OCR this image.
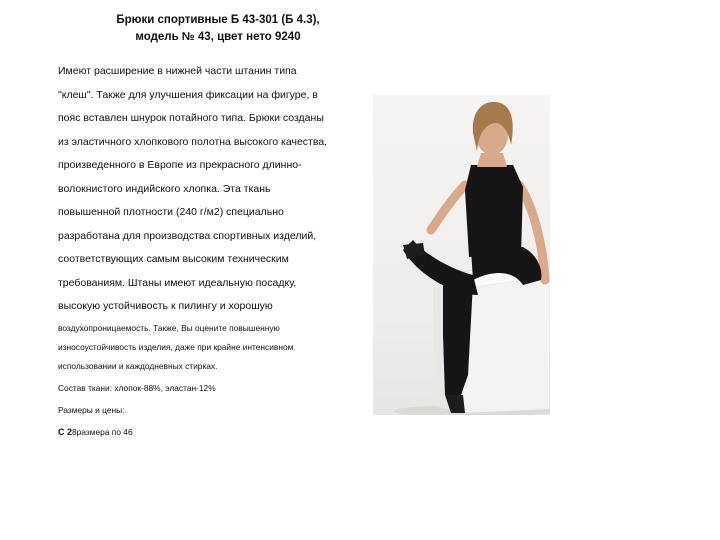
Брюки спортивные Б 43-301 (Б 4.3),
модель № 43, цвет нето 9240
Имеют расширение в нижней части штанин типа
"клеш". Также для улучшения фиксации на фигуре, в
пояс вставлен шнурок потайного типа. Брюки созданы
из эластичного хлопкового полотна высокого качества,
произведенного в Европе из прекрасного длинно-
волокнистого индийского хлопка. Эта ткань
повышенной плотности (240 г/м2) специально
разработана для производства спортивных изделий,
соответствующих самым высоким техническим
требованиям. Штаны имеют идеальную посадку,
высокую устойчивость к пилингу и хорошую
воздухопроницаемость. Также, Вы оцените повышенную
износоустойчивость изделия, даже при крайне интенсивном
использовании и каждодневных стирках.
Состав ткани: хлопок-88%, эластан-12%
Размеры и цены:
С 28размера по 46
